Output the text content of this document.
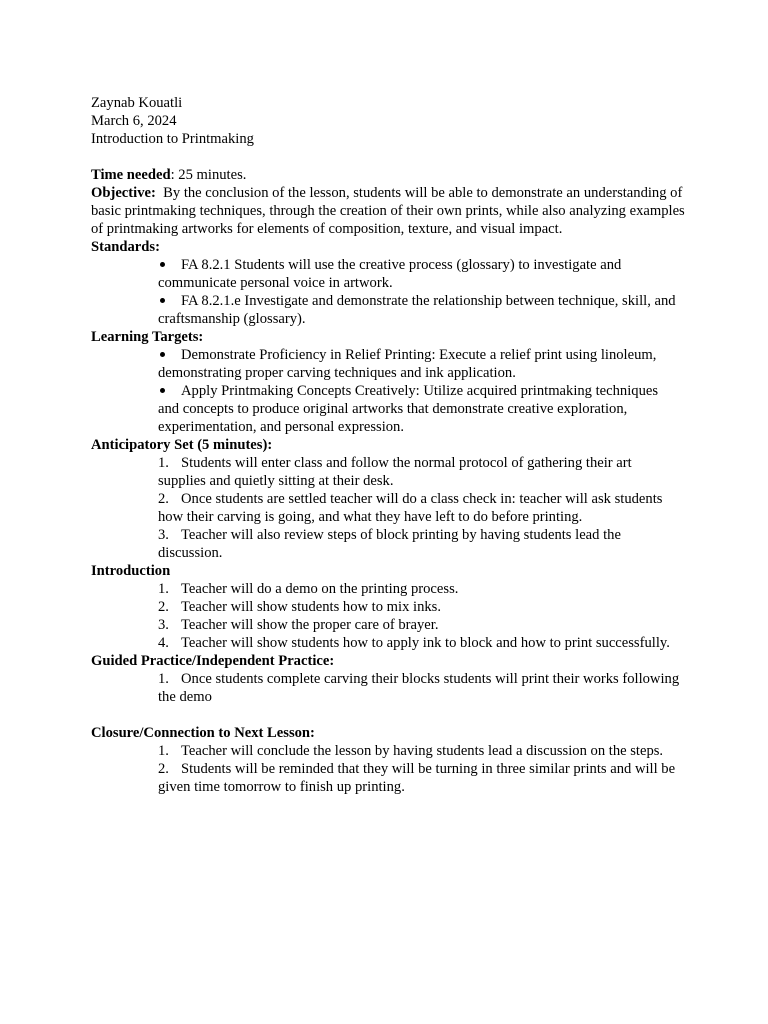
Zaynab Kouatli
March 6, 2024
Introduction to Printmaking
Time needed: 25 minutes.
Objective:  By the conclusion of the lesson, students will be able to demonstrate an understanding of basic printmaking techniques, through the creation of their own prints, while also analyzing examples of printmaking artworks for elements of composition, texture, and visual impact.
Standards:
FA 8.2.1 Students will use the creative process (glossary) to investigate and communicate personal voice in artwork.
FA 8.2.1.e Investigate and demonstrate the relationship between technique, skill, and craftsmanship (glossary).
Learning Targets:
Demonstrate Proficiency in Relief Printing: Execute a relief print using linoleum, demonstrating proper carving techniques and ink application.
Apply Printmaking Concepts Creatively: Utilize acquired printmaking techniques and concepts to produce original artworks that demonstrate creative exploration, experimentation, and personal expression.
Anticipatory Set (5 minutes):
1. Students will enter class and follow the normal protocol of gathering their art supplies and quietly sitting at their desk.
2. Once students are settled teacher will do a class check in: teacher will ask students how their carving is going, and what they have left to do before printing.
3. Teacher will also review steps of block printing by having students lead the discussion.
Introduction
1. Teacher will do a demo on the printing process.
2. Teacher will show students how to mix inks.
3. Teacher will show the proper care of brayer.
4. Teacher will show students how to apply ink to block and how to print successfully.
Guided Practice/Independent Practice:
1. Once students complete carving their blocks students will print their works following the demo
Closure/Connection to Next Lesson:
1. Teacher will conclude the lesson by having students lead a discussion on the steps.
2. Students will be reminded that they will be turning in three similar prints and will be given time tomorrow to finish up printing.
